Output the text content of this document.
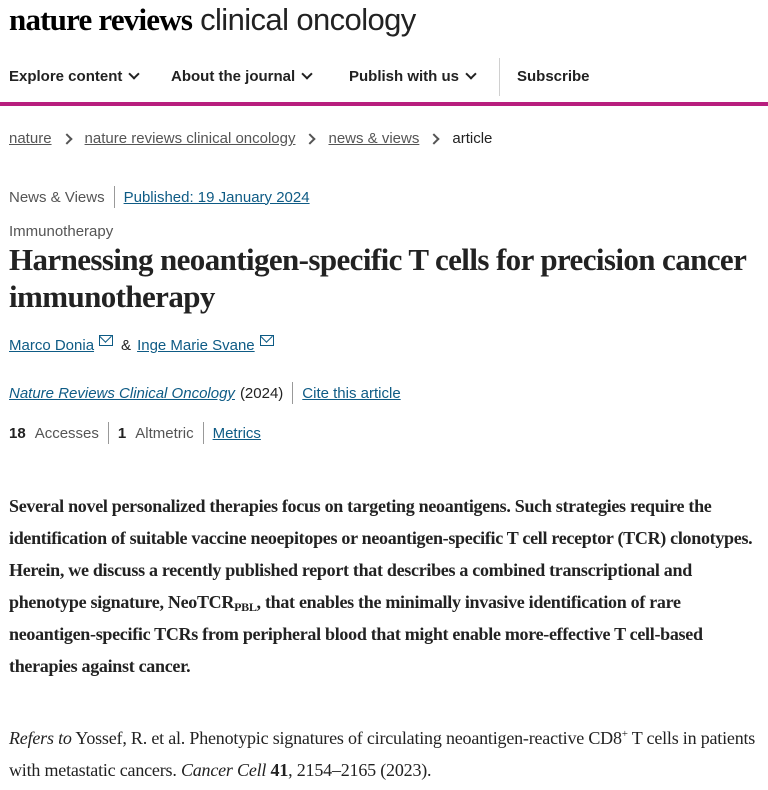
nature reviews clinical oncology
Explore content	About the journal	Publish with us	Subscribe
nature nature reviews clinical oncology news & views article
News & Views Published: 19 January 2024
Immunotherapy
Harnessing neoantigen-specific T cells for precision cancer immunotherapy
Marco Donia & Inge Marie Svane
Nature Reviews Clinical Oncology (2024) Cite this article
18 Accesses 1 Altmetric Metrics

Several novel personalized therapies focus on targeting neoantigens. Such strategies require the identification of suitable vaccine neoepitopes or neoantigen-specific T cell receptor (TCR) clonotypes. Herein, we discuss a recently published report that describes a combined transcriptional and phenotype signature, NeoTCR$_{PBL}$, that enables the minimally invasive identification of rare neoantigen-specific TCRs from peripheral blood that might enable more-effective T cell-based therapies against cancer.

Refers to Yossef, R. et al. Phenotypic signatures of circulating neoantigen-reactive CD8+ T cells in patients with metastatic cancers. Cancer Cell 41, 2154–2165 (2023).
